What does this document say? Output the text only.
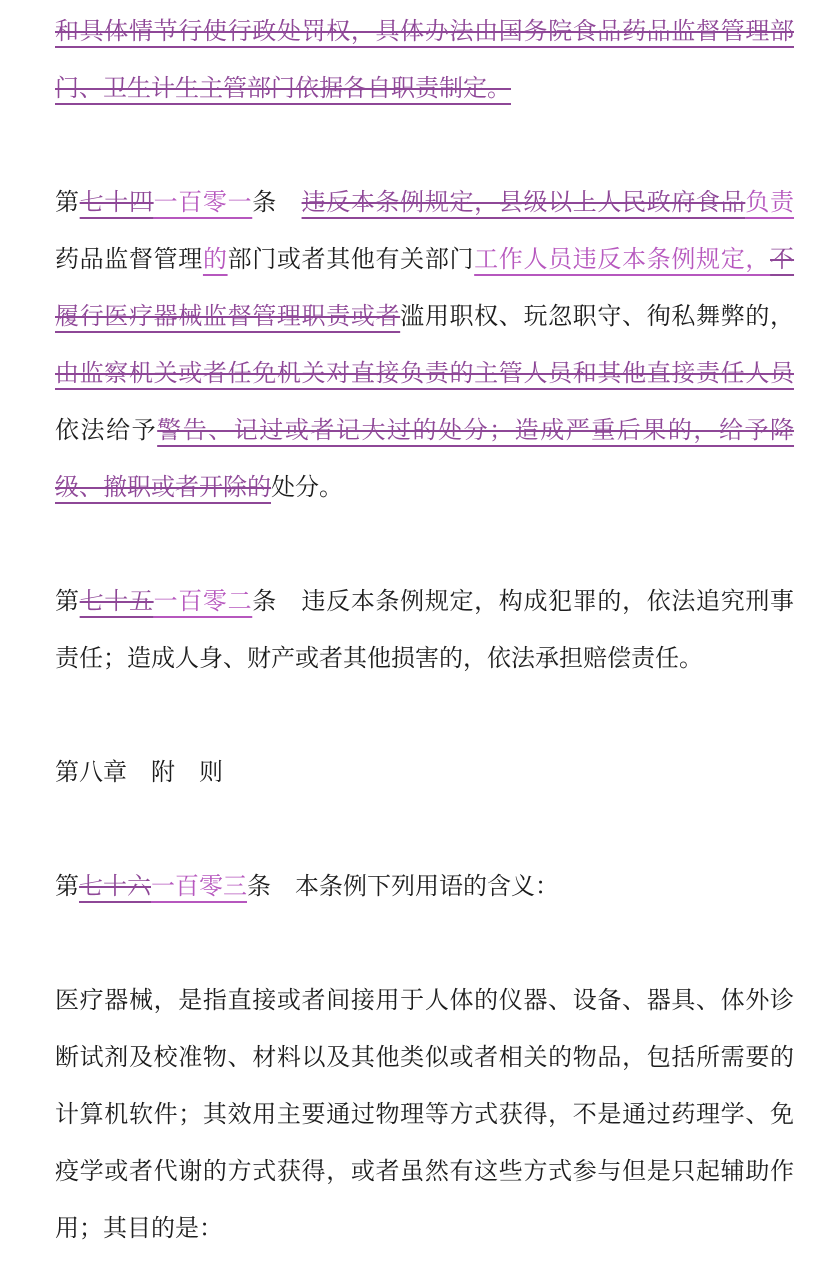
和具体情节行使行政处罚权，具体办法由国务院食品药品监督管理部门、卫生计生主管部门依据各自职责制定。

第七十四一百零一条　违反本条例规定，县级以上人民政府食品负责药品监督管理的部门或者其他有关部门工作人员违反本条例规定，不履行医疗器械监督管理职责或者滥用职权、玩忽职守、徇私舞弊的，由监察机关或者任免机关对直接负责的主管人员和其他直接责任人员依法给予警告、记过或者记大过的处分；造成严重后果的，给予降级、撤职或者开除的处分。

第七十五一百零二条　违反本条例规定，构成犯罪的，依法追究刑事责任；造成人身、财产或者其他损害的，依法承担赔偿责任。

第八章　附　则

第七十六一百零三条　本条例下列用语的含义：

医疗器械，是指直接或者间接用于人体的仪器、设备、器具、体外诊断试剂及校准物、材料以及其他类似或者相关的物品，包括所需要的计算机软件；其效用主要通过物理等方式获得，不是通过药理学、免疫学或者代谢的方式获得，或者虽然有这些方式参与但是只起辅助作用；其目的是：
